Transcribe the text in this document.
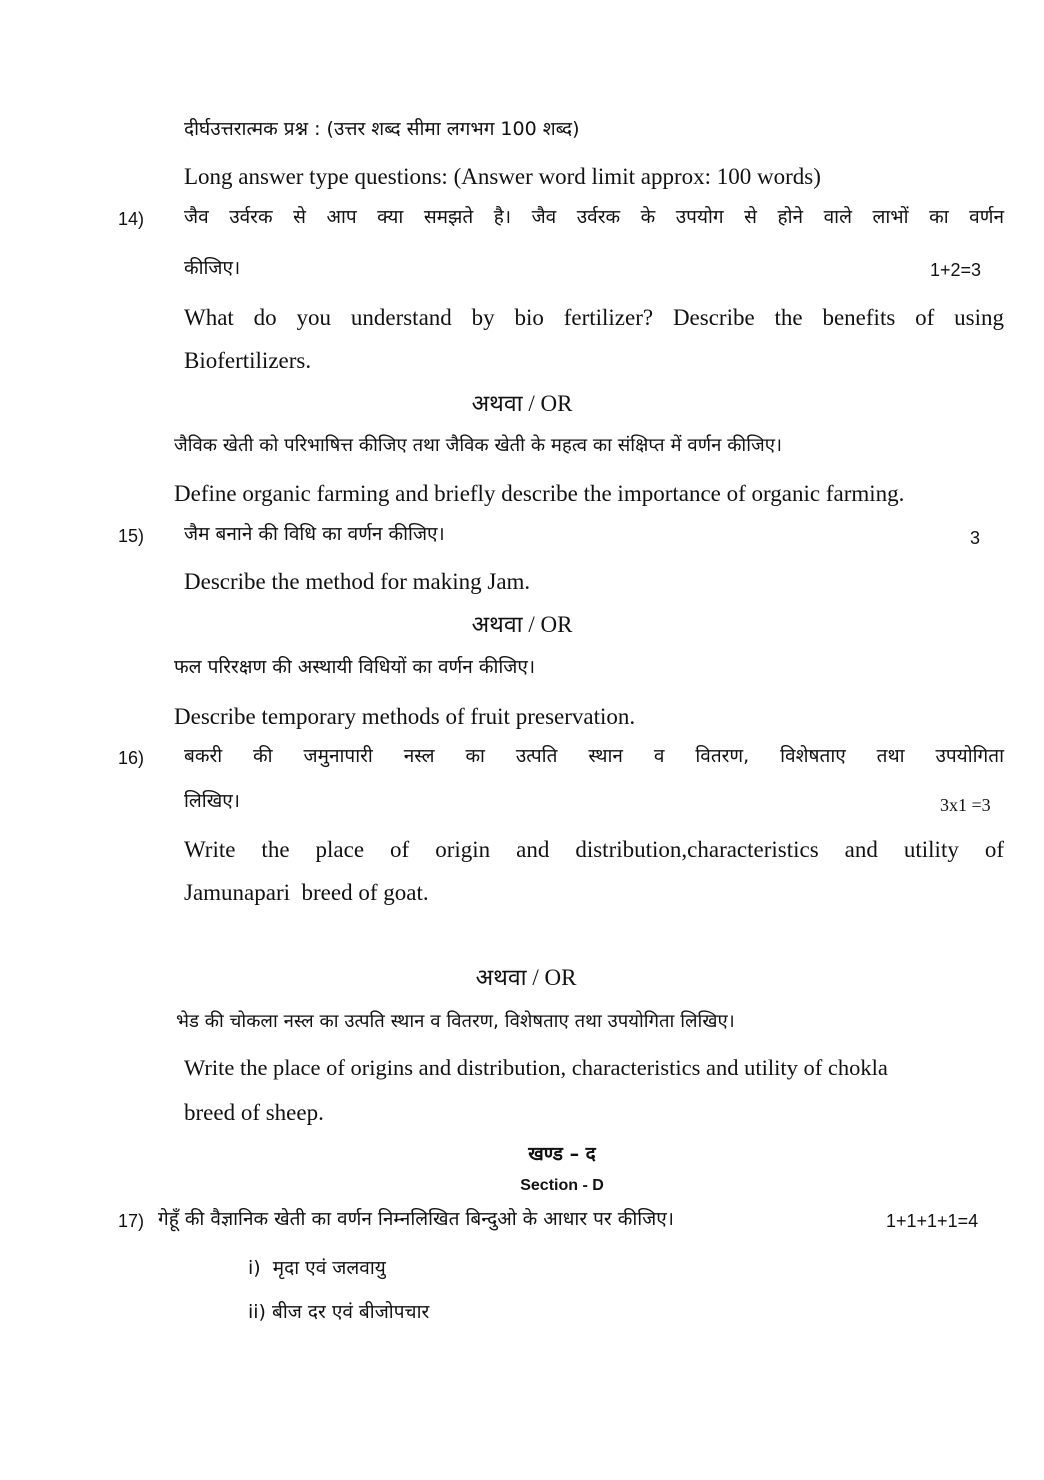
दीर्घउत्तरात्मक प्रश्न : (उत्तर शब्द सीमा लगभग 100 शब्द)
Long answer type questions: (Answer word limit approx: 100 words)
14) जैव उर्वरक से आप क्या समझते है। जैव उर्वरक के उपयोग से होने वाले लाभों का वर्णन
कीजिए।	1+2=3
What do you understand by bio fertilizer? Describe the benefits of using
Biofertilizers.
अथवा / OR
जैविक खेती को परिभाषित्त कीजिए तथा जैविक खेती के महत्व का संक्षिप्त में वर्णन कीजिए।
Define organic farming and briefly describe the importance of organic farming.
15) जैम बनाने की विधि का वर्णन कीजिए।	3
Describe the method for making Jam.
अथवा / OR
फल परिरक्षण की अस्थायी विधियों का वर्णन कीजिए।
Describe temporary methods of fruit preservation.
16) बकरी की जमुनापारी नस्ल का उत्पति स्थान व वितरण, विशेषताए तथा उपयोगिता
लिखिए।	3x1 =3
Write the place of origin and distribution,characteristics and utility of
Jamunapari  breed of goat.
अथवा / OR
भेड की चोकला नस्ल का उत्पति स्थान व वितरण, विशेषताए तथा उपयोगिता लिखिए।
Write the place of origins and distribution, characteristics and utility of chokla
breed of sheep.
खण्ड – द
Section - D
17) गेहूँ की वैज्ञानिक खेती का वर्णन निम्नलिखित बिन्दुओ के आधार पर कीजिए।	1+1+1+1=4
i)  मृदा एवं जलवायु
ii) बीज दर एवं बीजोपचार
